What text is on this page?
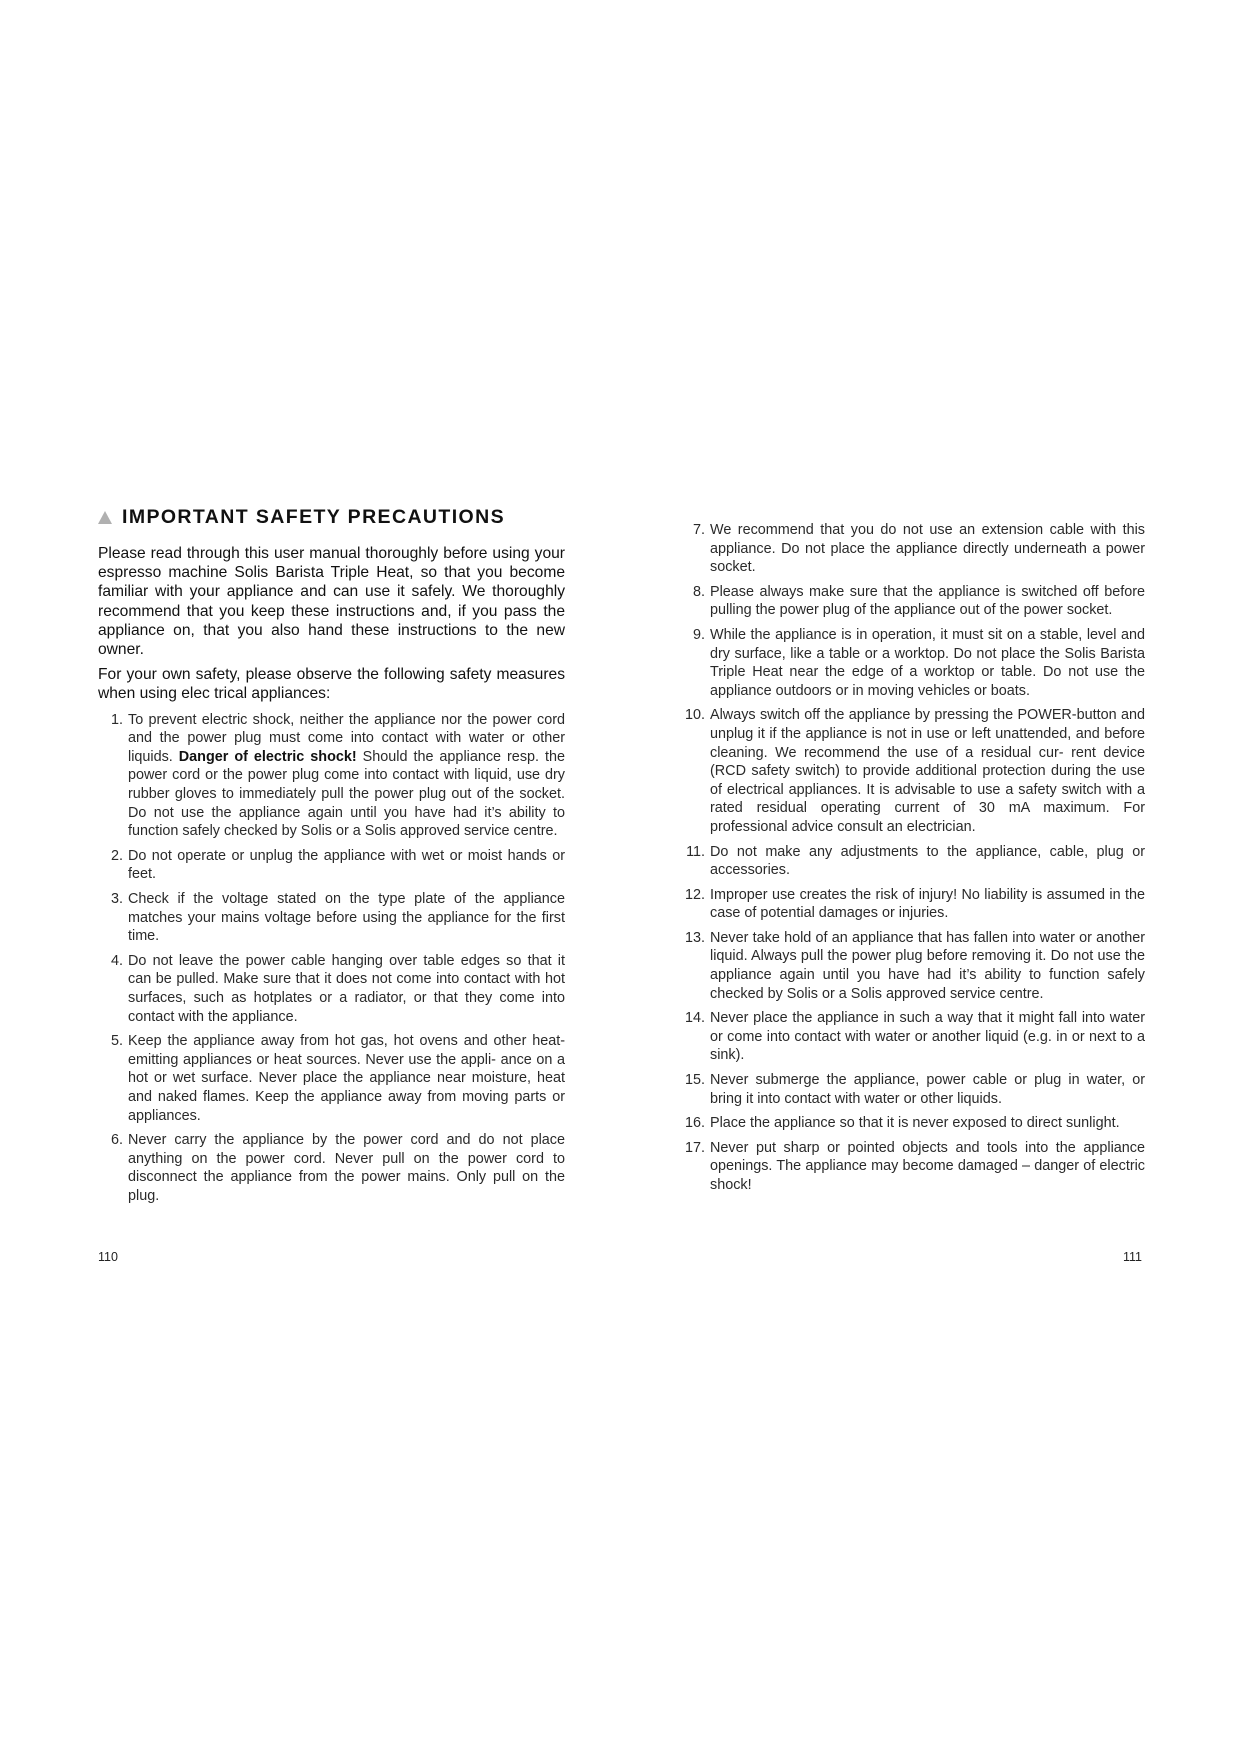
IMPORTANT SAFETY PRECAUTIONS

Please read through this user manual thoroughly before using your espresso machine Solis Barista Triple Heat, so that you become familiar with your appliance and can use it safely. We thoroughly recommend that you keep these instructions and, if you pass the appliance on, that you also hand these instructions to the new owner.

For your own safety, please observe the following safety measures when using elec trical appliances:

1. To prevent electric shock, neither the appliance nor the power cord and the power plug must come into contact with water or other liquids. Danger of electric shock! Should the appliance resp. the power cord or the power plug come into contact with liquid, use dry rubber gloves to immediately pull the power plug out of the socket. Do not use the appliance again until you have had it’s ability to function safely checked by Solis or a Solis approved service centre.
2. Do not operate or unplug the appliance with wet or moist hands or feet.
3. Check if the voltage stated on the type plate of the appliance matches your mains voltage before using the appliance for the first time.
4. Do not leave the power cable hanging over table edges so that it can be pulled. Make sure that it does not come into contact with hot surfaces, such as hotplates or a radiator, or that they come into contact with the appliance.
5. Keep the appliance away from hot gas, hot ovens and other heat-emitting appliances or heat sources. Never use the appli- ance on a hot or wet surface. Never place the appliance near moisture, heat and naked flames. Keep the appliance away from moving parts or appliances.
6. Never carry the appliance by the power cord and do not place anything on the power cord. Never pull on the power cord to disconnect the appliance from the power mains. Only pull on the plug.
7. We recommend that you do not use an extension cable with this appliance. Do not place the appliance directly underneath a power socket.
8. Please always make sure that the appliance is switched off before pulling the power plug of the appliance out of the power socket.
9. While the appliance is in operation, it must sit on a stable, level and dry surface, like a table or a worktop. Do not place the Solis Barista Triple Heat near the edge of a worktop or table. Do not use the appliance outdoors or in moving vehicles or boats.
10. Always switch off the appliance by pressing the POWER-button and unplug it if the appliance is not in use or left unattended, and before cleaning. We recommend the use of a residual cur- rent device (RCD safety switch) to provide additional protection during the use of electrical appliances. It is advisable to use a safety switch with a rated residual operating current of 30 mA maximum. For professional advice consult an electrician.
11. Do not make any adjustments to the appliance, cable, plug or accessories.
12. Improper use creates the risk of injury! No liability is assumed in the case of potential damages or injuries.
13. Never take hold of an appliance that has fallen into water or another liquid. Always pull the power plug before removing it. Do not use the appliance again until you have had it’s ability to function safely checked by Solis or a Solis approved service centre.
14. Never place the appliance in such a way that it might fall into water or come into contact with water or another liquid (e.g. in or next to a sink).
15. Never submerge the appliance, power cable or plug in water, or bring it into contact with water or other liquids.
16. Place the appliance so that it is never exposed to direct sunlight.
17. Never put sharp or pointed objects and tools into the appliance openings. The appliance may become damaged – danger of electric shock!
110	111
